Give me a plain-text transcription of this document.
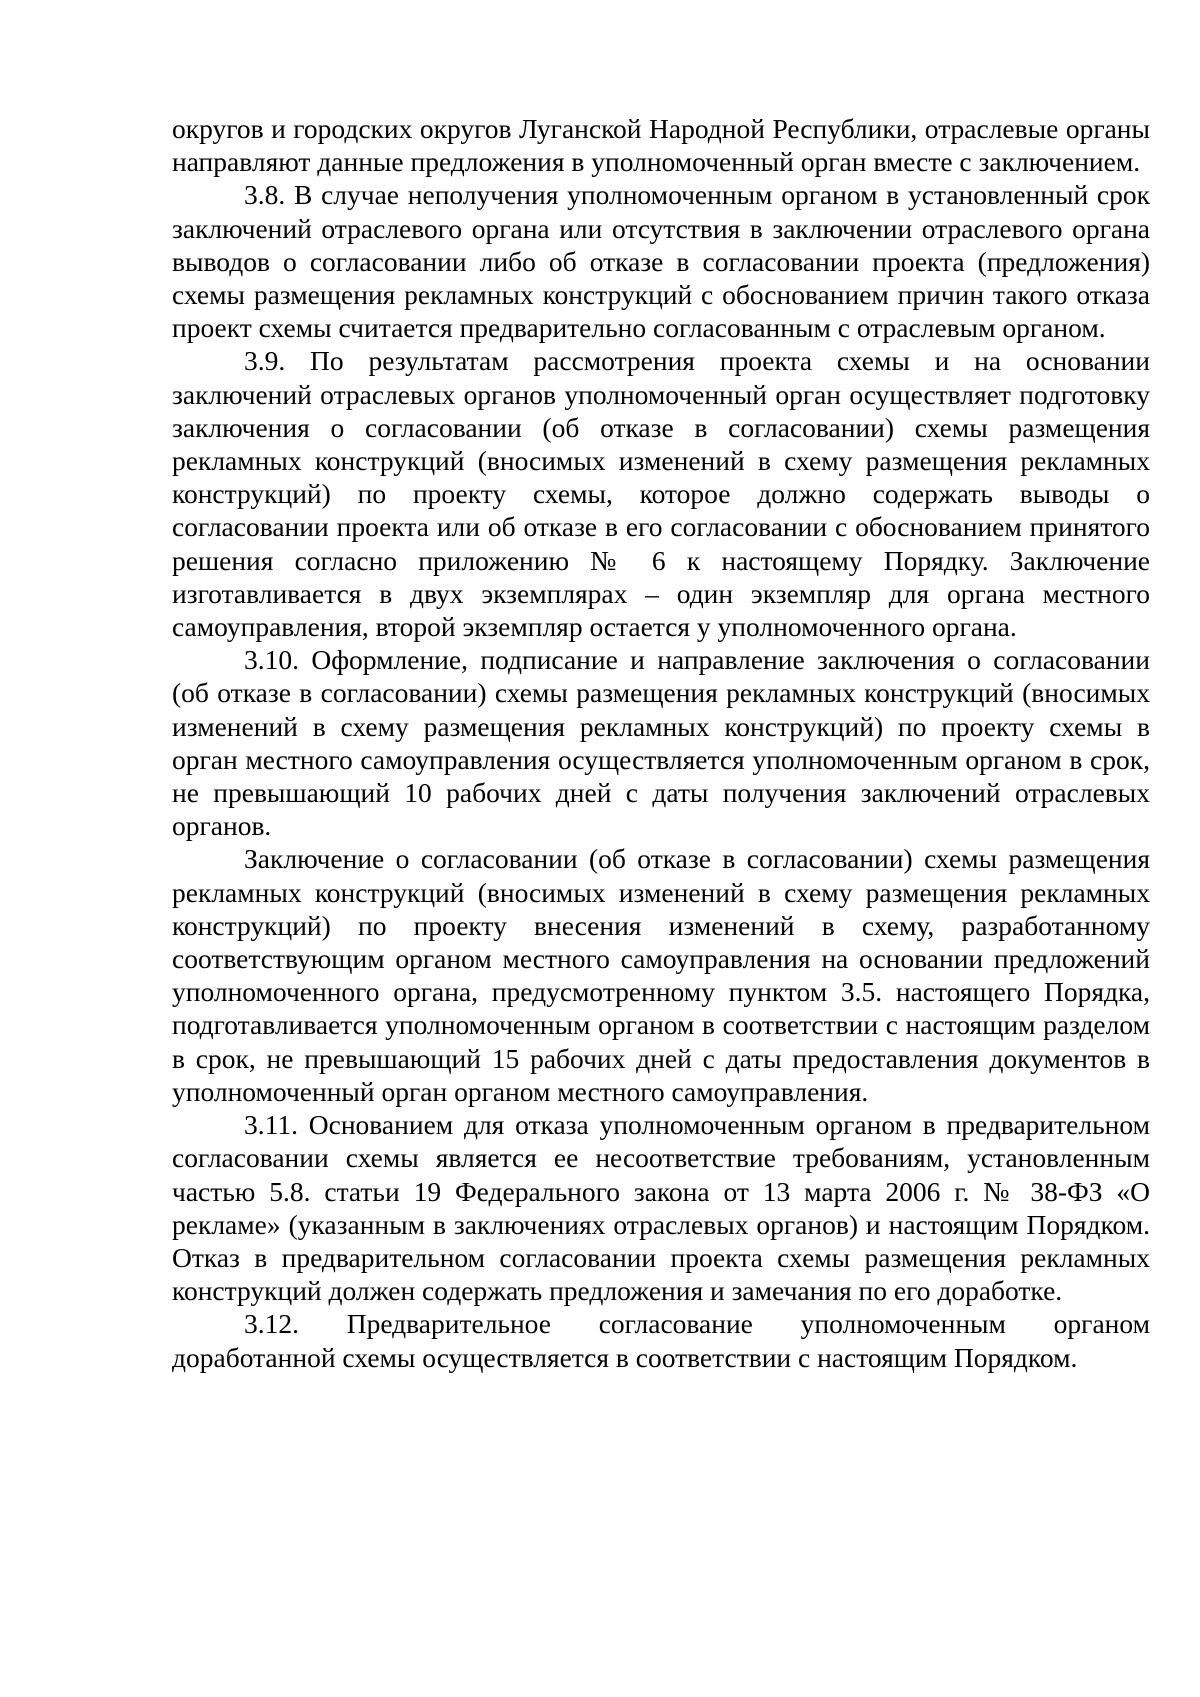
округов и городских округов Луганской Народной Республики, отраслевые органы направляют данные предложения в уполномоченный орган вместе с заключением.

3.8. В случае неполучения уполномоченным органом в установленный срок заключений отраслевого органа или отсутствия в заключении отраслевого органа выводов о согласовании либо об отказе в согласовании проекта (предложения) схемы размещения рекламных конструкций с обоснованием причин такого отказа проект схемы считается предварительно согласованным с отраслевым органом.

3.9. По результатам рассмотрения проекта схемы и на основании заключений отраслевых органов уполномоченный орган осуществляет подготовку заключения о согласовании (об отказе в согласовании) схемы размещения рекламных конструкций (вносимых изменений в схему размещения рекламных конструкций) по проекту схемы, которое должно содержать выводы о согласовании проекта или об отказе в его согласовании с обоснованием принятого решения согласно приложению № 6 к настоящему Порядку. Заключение изготавливается в двух экземплярах – один экземпляр для органа местного самоуправления, второй экземпляр остается у уполномоченного органа.

3.10. Оформление, подписание и направление заключения о согласовании (об отказе в согласовании) схемы размещения рекламных конструкций (вносимых изменений в схему размещения рекламных конструкций) по проекту схемы в орган местного самоуправления осуществляется уполномоченным органом в срок, не превышающий 10 рабочих дней с даты получения заключений отраслевых органов.

Заключение о согласовании (об отказе в согласовании) схемы размещения рекламных конструкций (вносимых изменений в схему размещения рекламных конструкций) по проекту внесения изменений в схему, разработанному соответствующим органом местного самоуправления на основании предложений уполномоченного органа, предусмотренному пунктом 3.5. настоящего Порядка, подготавливается уполномоченным органом в соответствии с настоящим разделом в срок, не превышающий 15 рабочих дней с даты предоставления документов в уполномоченный орган органом местного самоуправления.

3.11. Основанием для отказа уполномоченным органом в предварительном согласовании схемы является ее несоответствие требованиям, установленным частью 5.8. статьи 19 Федерального закона от 13 марта 2006 г. № 38-ФЗ «О рекламе» (указанным в заключениях отраслевых органов) и настоящим Порядком. Отказ в предварительном согласовании проекта схемы размещения рекламных конструкций должен содержать предложения и замечания по его доработке.

3.12. Предварительное согласование уполномоченным органом доработанной схемы осуществляется в соответствии с настоящим Порядком.
